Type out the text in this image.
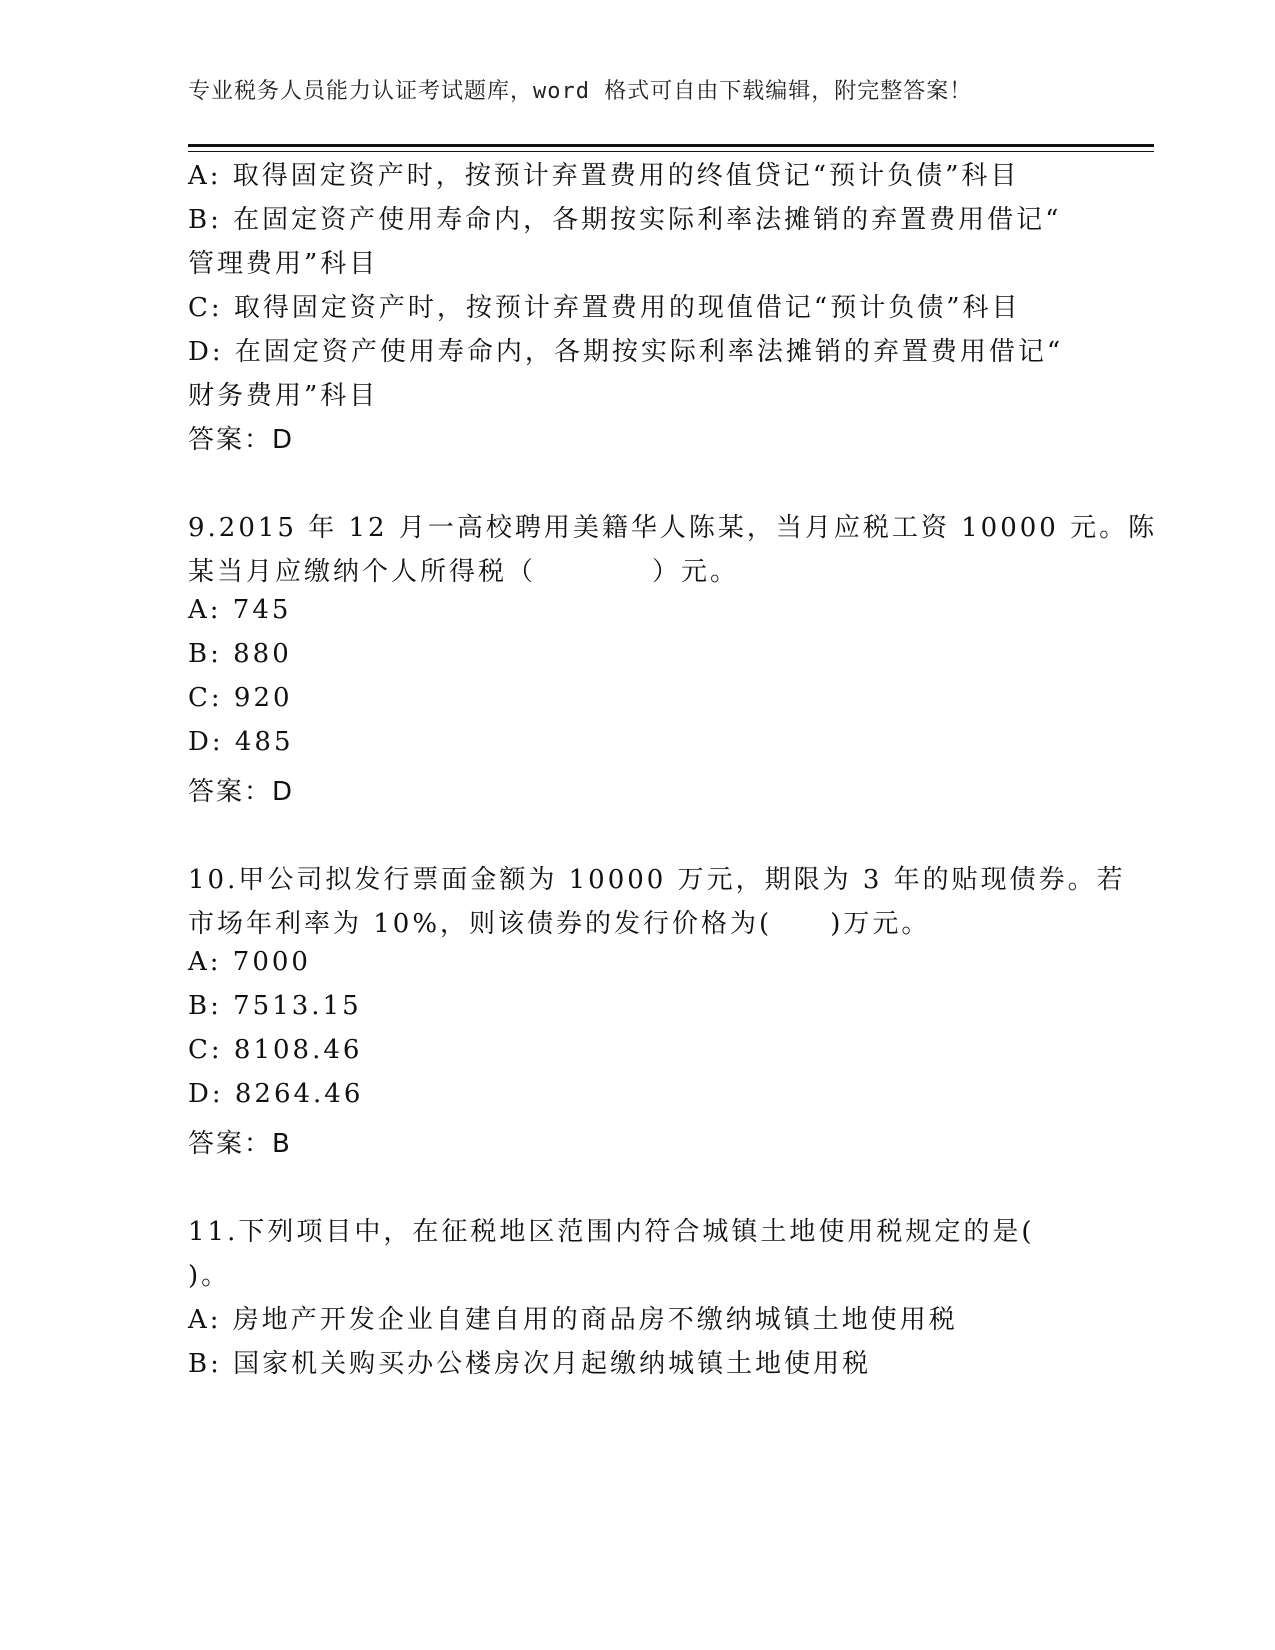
专业税务人员能力认证考试题库，word 格式可自由下载编辑，附完整答案！
A: 取得固定资产时，按预计弃置费用的终值贷记“预计负债”科目
B: 在固定资产使用寿命内，各期按实际利率法摊销的弃置费用借记“
管理费用”科目
C: 取得固定资产时，按预计弃置费用的现值借记“预计负债”科目
D: 在固定资产使用寿命内，各期按实际利率法摊销的弃置费用借记“
财务费用”科目
答案：D
9.2015 年 12 月一高校聘用美籍华人陈某，当月应税工资 10000 元。陈
某当月应缴纳个人所得税（　　　　）元。
A: 745
B: 880
C: 920
D: 485
答案：D
10.甲公司拟发行票面金额为 10000 万元，期限为 3 年的贴现债券。若
市场年利率为 10%，则该债券的发行价格为(　　)万元。
A: 7000
B: 7513.15
C: 8108.46
D: 8264.46
答案：B
11.下列项目中，在征税地区范围内符合城镇土地使用税规定的是(
)。
A: 房地产开发企业自建自用的商品房不缴纳城镇土地使用税
B: 国家机关购买办公楼房次月起缴纳城镇土地使用税
